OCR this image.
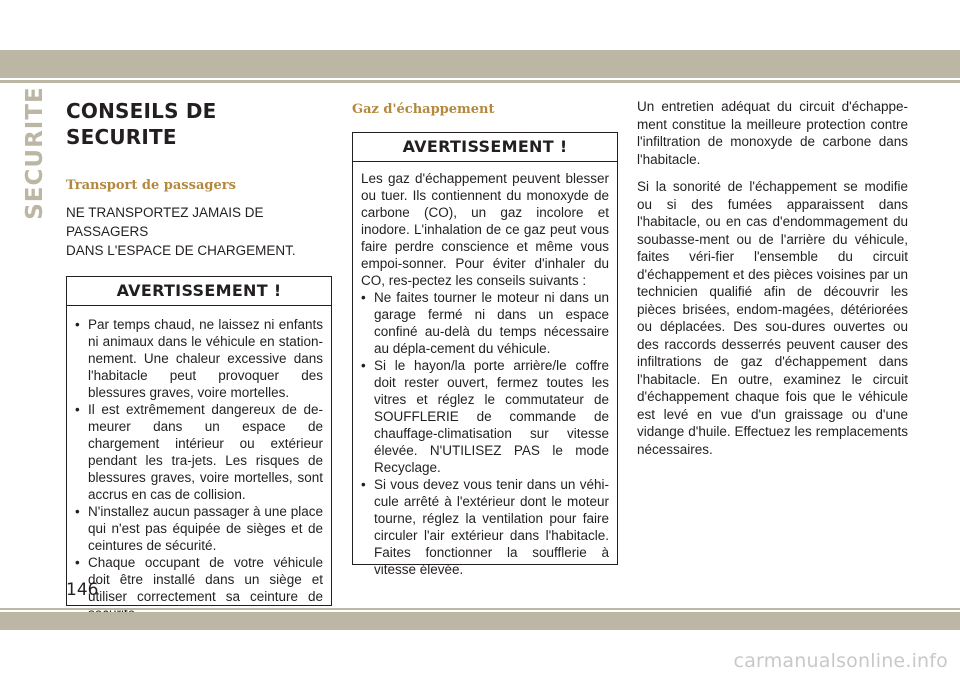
SECURITE CONSEILS DE SECURITE
Transport de passagers

NE TRANSPORTEZ JAMAIS DE PASSAGERS
DANS L'ESPACE DE CHARGEMENT.

AVERTISSEMENT !
• Par temps chaud, ne laissez ni enfants ni animaux dans le véhicule en station-nement. Une chaleur excessive dans l'habitacle peut provoquer des blessures graves, voire mortelles.
• Il est extrêmement dangereux de de-meurer dans un espace de chargement intérieur ou extérieur pendant les tra-jets. Les risques de blessures graves, voire mortelles, sont accrus en cas de collision.
• N'installez aucun passager à une place qui n'est pas équipée de sièges et de ceintures de sécurité.
• Chaque occupant de votre véhicule doit être installé dans un siège et utiliser correctement sa ceinture de
Gaz d'échappement
AVERTISSEMENT !

Les gaz d'échappement peuvent blesser ou tuer. Ils contiennent du monoxyde de carbone (CO), un gaz incolore et inodore. L'inhalation de ce gaz peut vous faire perdre conscience et même vous empoi-sonner. Pour éviter d'inhaler du CO, res-pectez les conseils suivants :

• Ne faites tourner le moteur ni dans un garage fermé ni dans un espace confiné au-delà du temps nécessaire au dépla-cement du véhicule.
• Si le hayon/la porte arrière/le coffre doit rester ouvert, fermez toutes les vitres et réglez le commutateur de SOUFFLERIE de commande de chauffage-climatisation sur vitesse élevée. N'UTILISEZ PAS le mode Recyclage.
• Si vous devez vous tenir dans un véhi-cule arrêté à l'extérieur dont le moteur tourne, réglez la ventilation pour faire circuler l'air extérieur dans l'habitacle. Faites fonctionner la soufflerie à vitesse élevée.

Un entretien adéquat du circuit d'échappe-ment constitue la meilleure protection contre l'infiltration de monoxyde de carbone dans l'habitacle.

Si la sonorité de l'échappement se modifie ou si des fumées apparaissent dans l'habitacle, ou en cas d'endommagement du soubasse-ment ou de l'arrière du véhicule, faites véri-fier l'ensemble du circuit d'échappement et des pièces voisines par un technicien qualifié afin de découvrir les pièces brisées, endom-magées, détériorées ou déplacées. Des sou-dures ouvertes ou des raccords desserrés peuvent causer des infiltrations de gaz d'échappement dans l'habitacle. En outre, examinez le circuit d'échappement chaque fois que le véhicule est levé en vue d'un graissage ou d'une vidange d'huile. Effectuez les remplacements nécessaires.

146
carmanualsonline.info
